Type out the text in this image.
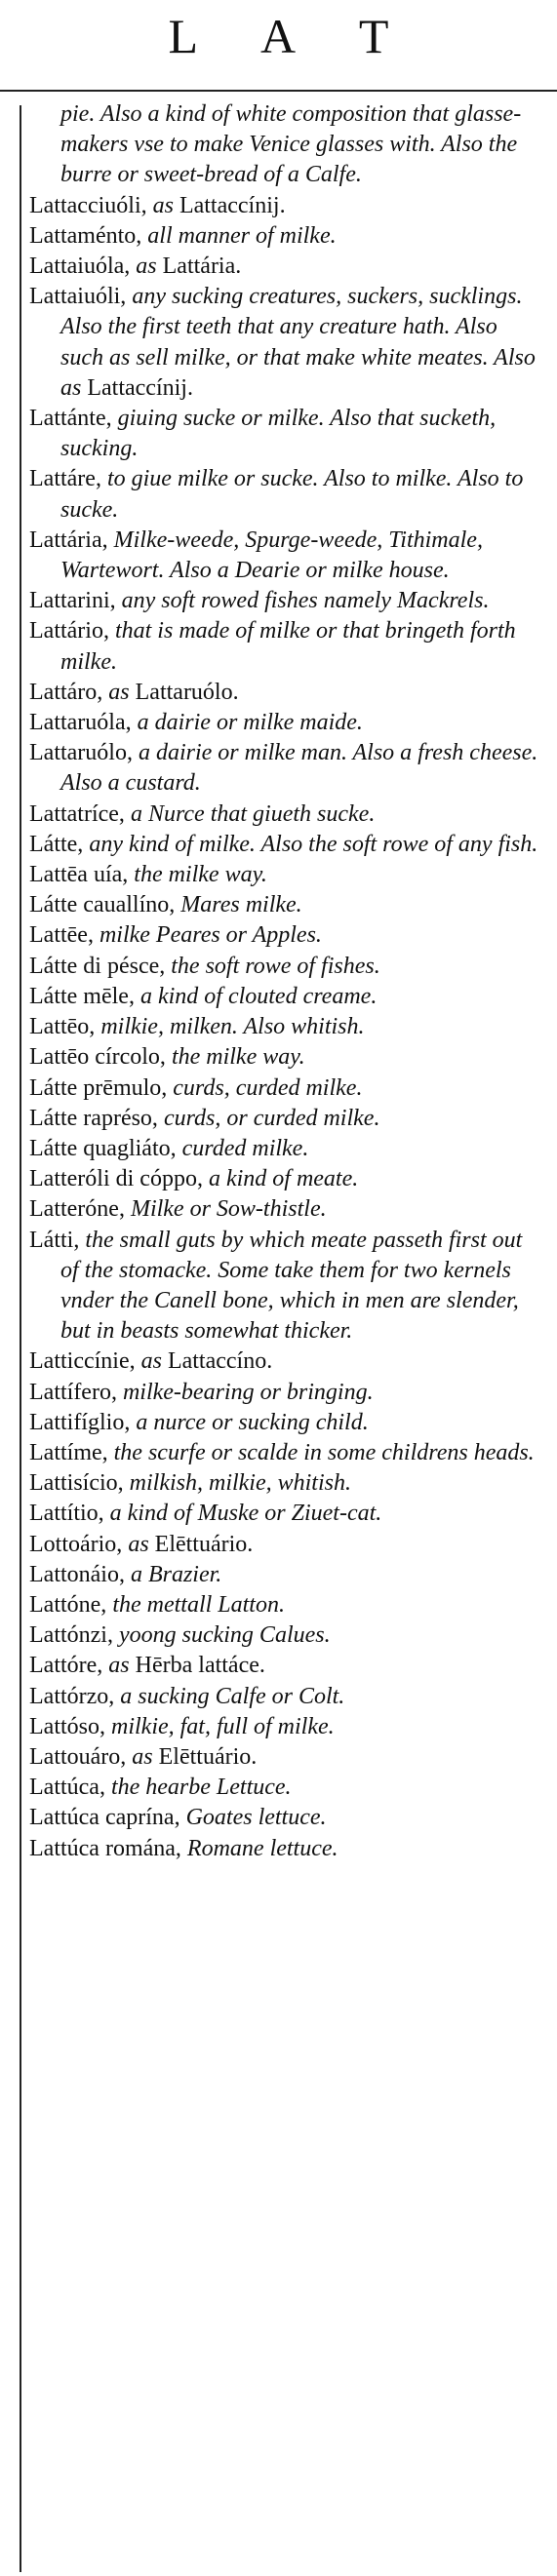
L A T
pie. Also a kind of white composition that glasse-makers vse to make Venice glasses with. Also the burre or sweet-bread of a Calfe.
Lattacciuóli, as Lattaccínij.
Lattaménto, all manner of milke.
Lattaiuóla, as Lattária.
Lattaiuóli, any sucking creatures, suckers, sucklings. Also the first teeth that any creature hath. Also such as sell milke, or that make white meates. Also as Lattaccínij.
Lattánte, giuing sucke or milke. Also that sucketh, sucking.
Lattáre, to giue milke or sucke. Also to milke. Also to sucke.
Lattária, Milke-weede, Spurge-weede, Tithimale, Wartewort. Also a Dearie or milke house.
Lattarini, any soft rowed fishes namely Mackrels.
Lattário, that is made of milke or that bringeth forth milke.
Lattáro, as Lattaruólo.
Lattaruóla, a dairie or milke maide.
Lattaruólo, a dairie or milke man. Also a fresh cheese. Also a custard.
Lattatríce, a Nurce that giueth sucke.
Látte, any kind of milke. Also the soft rowe of any fish.
Lattēa uía, the milke way.
Látte cauallíno, Mares milke.
Lattēe, milke Peares or Apples.
Látte di pésce, the soft rowe of fishes.
Látte mēle, a kind of clouted creame.
Lattēo, milkie, milken. Also whitish.
Lattēo círcolo, the milke way.
Látte prēmulo, curds, curded milke.
Látte rapréso, curds, or curded milke.
Látte quagliáto, curded milke.
Latteróli di cóppo, a kind of meate.
Latteróne, Milke or Sow-thistle.
Látti, the small guts by which meate passeth first out of the stomacke. Some take them for two kernels vnder the Canell bone, which in men are slender, but in beasts somewhat thicker.
Latticcínie, as Lattaccíno.
Lattífero, milke-bearing or bringing.
Lattifíglio, a nurce or sucking child.
Lattíme, the scurfe or scalde in some childrens heads.
Lattisício, milkish, milkie, whitish.
Lattítio, a kind of Muske or Ziuet-cat.
Lottoário, as Elēttuário.
Lattonáio, a Brazier.
Lattóne, the mettall Latton.
Lattónzi, yoong sucking Calues.
Lattóre, as Hērba lattáce.
Lattórzo, a sucking Calfe or Colt.
Lattóso, milkie, fat, full of milke.
Lattouáro, as Elēttuário.
Lattúca, the hearbe Lettuce.
Lattúca caprína, Goates lettuce.
Lattúca románа, Romane lettuce.
